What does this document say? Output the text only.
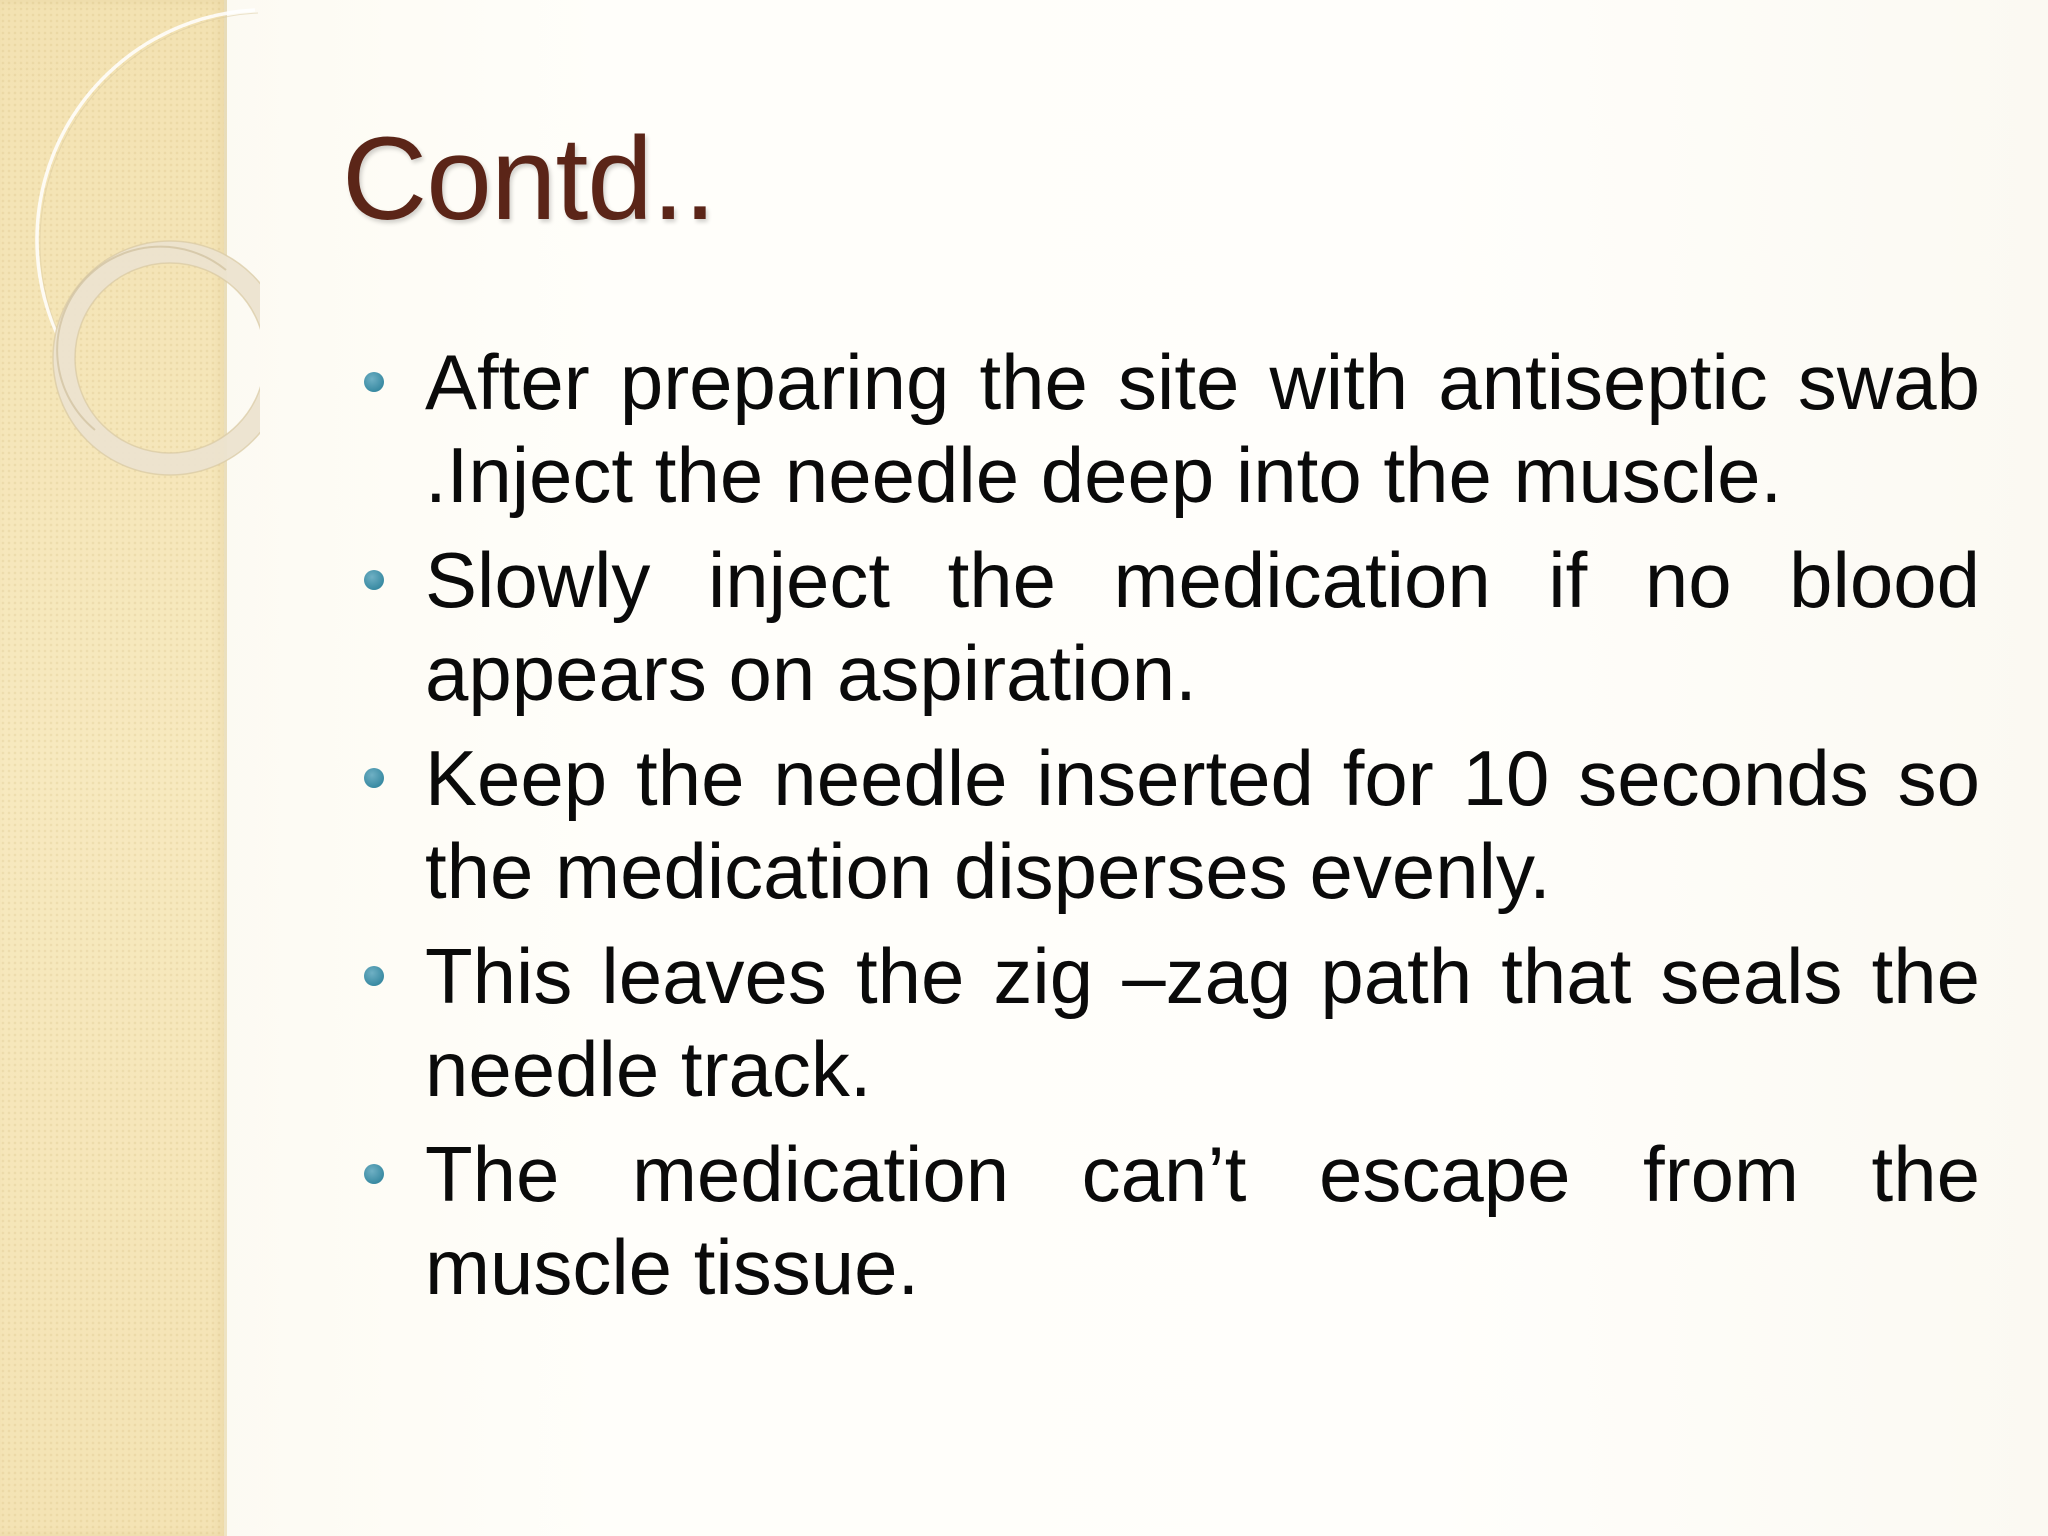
Contd..
After preparing the site with antiseptic swab .Inject the needle deep into the muscle.
Slowly inject the medication if no blood appears on aspiration.
Keep the needle inserted for 10 seconds so the medication disperses evenly.
This leaves the zig –zag path that seals the needle track.
The medication can’t escape from the muscle tissue.
